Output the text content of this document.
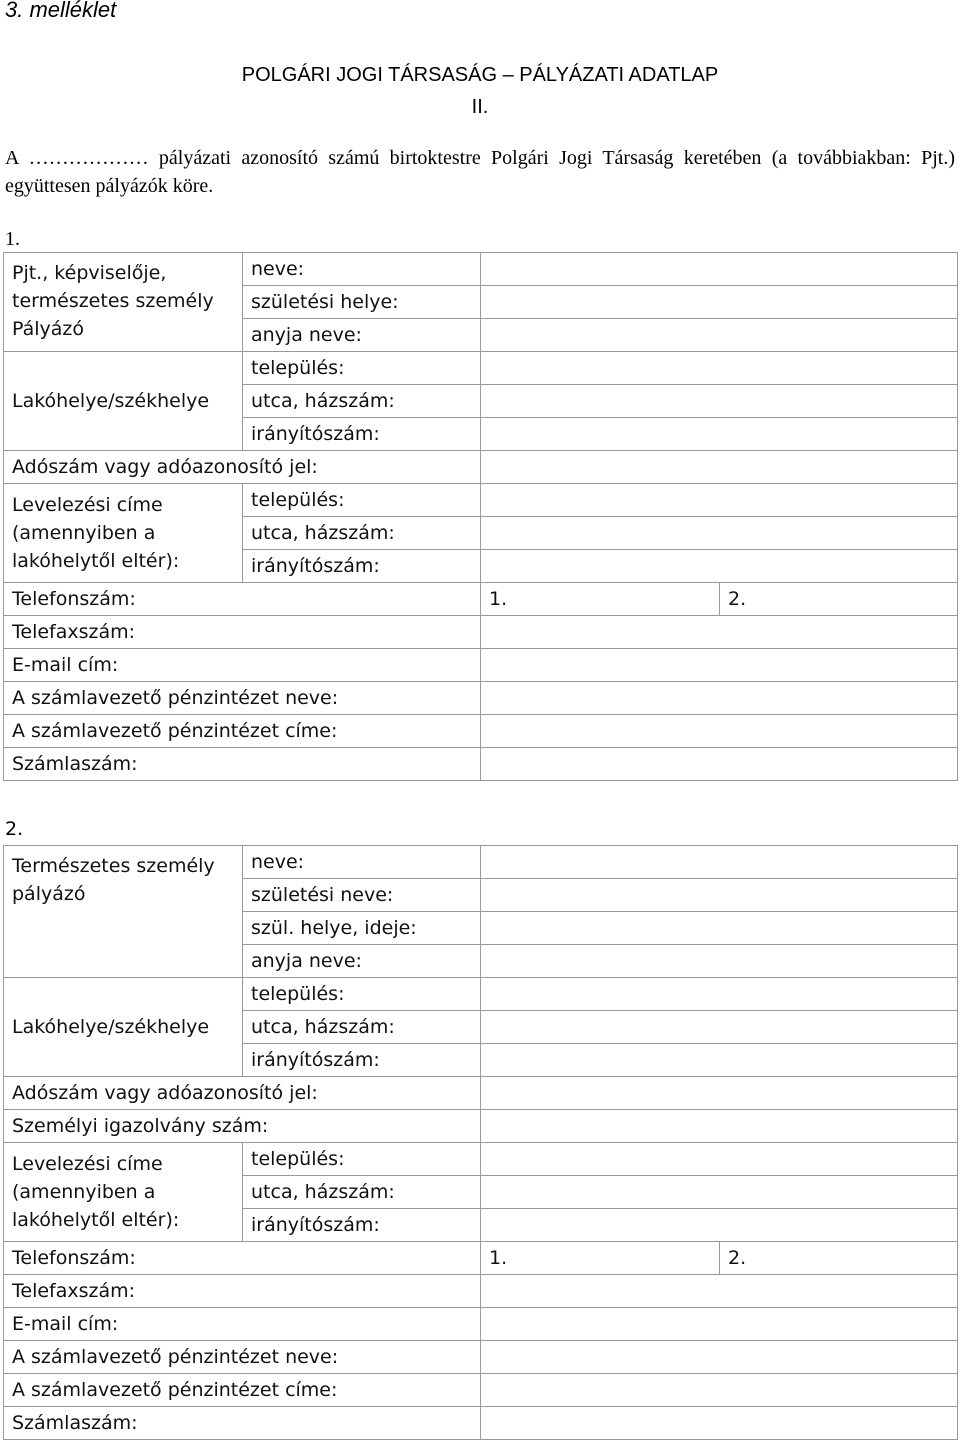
3. melléklet
POLGÁRI JOGI TÁRSASÁG – PÁLYÁZATI ADATLAP
II.
A ……………… pályázati azonosító számú birtoktestre Polgári Jogi Társaság keretében (a továbbiakban: Pjt.) együttesen pályázók köre.
1.
Pjt., képviselője, természetes személy Pályázó	neve:		
	születési helye:		
	anyja neve:		
Lakóhelye/székhelye	település:		
	utca, házszám:		
	irányítószám:		
Adószám vagy adóazonosító jel:			
Levelezési címe (amennyiben a lakóhelytől eltér):	település:		
	utca, házszám:		
	irányítószám:		
Telefonszám:		1.	2.
Telefaxszám:			
E-mail cím:			
A számlavezető pénzintézet neve:			
A számlavezető pénzintézet címe:			
Számlaszám:			
2.
Természetes személy pályázó	neve:		
	születési neve:		
	szül. helye, ideje:		
	anyja neve:		
Lakóhelye/székhelye	település:		
	utca, házszám:		
	irányítószám:		
Adószám vagy adóazonosító jel:			
Személyi igazolvány szám:			
Levelezési címe (amennyiben a lakóhelytől eltér):	település:		
	utca, házszám:		
	irányítószám:		
Telefonszám:		1.	2.
Telefaxszám:			
E-mail cím:			
A számlavezető pénzintézet neve:			
A számlavezető pénzintézet címe:			
Számlaszám:			
